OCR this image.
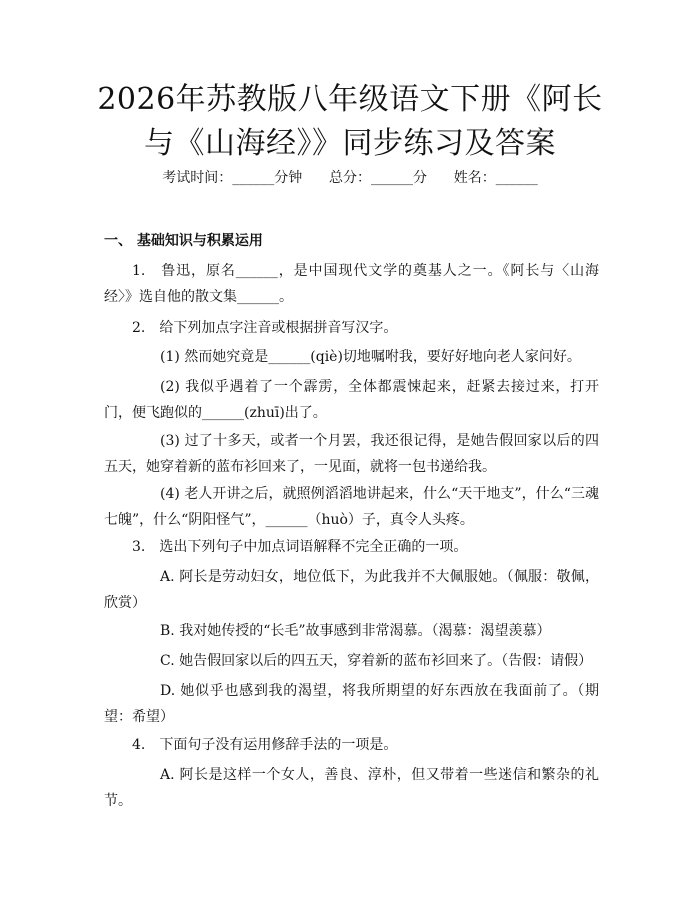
2026年苏教版八年级语文下册《阿长与《山海经》》同步练习及答案
考试时间：______分钟      总分：______分      姓名：______
一、 基础知识与积累运用

1.　鲁迅，原名______，是中国现代文学的奠基人之一。《阿长与〈山海经〉》选自他的散文集______。

2.　给下列加点字注音或根据拼音写汉字。

(1) 然而她究竟是______(qiè)切地嘱咐我，要好好地向老人家问好。

(2) 我似乎遇着了一个霹雳，全体都震悚起来，赶紧去接过来，打开门，便飞跑似的______(zhuī)出了。

(3) 过了十多天，或者一个月罢，我还很记得，是她告假回家以后的四五天，她穿着新的蓝布衫回来了，一见面，就将一包书递给我。

(4) 老人开讲之后，就照例滔滔地讲起来，什么“天干地支”，什么“三魂七魄”，什么“阴阳怪气”，______（huò）子，真令人头疼。

3.　选出下列句子中加点词语解释不完全正确的一项。

A. 阿长是劳动妇女，地位低下，为此我并不大佩服她。（佩服：敬佩，欣赏）

B. 我对她传授的“长毛”故事感到非常渴慕。（渴慕：渴望羡慕）

C. 她告假回家以后的四五天，穿着新的蓝布衫回来了。（告假：请假）

D. 她似乎也感到我的渴望，将我所期望的好东西放在我面前了。（期望：希望）

4.　下面句子没有运用修辞手法的一项是。

A. 阿长是这样一个女人，善良、淳朴，但又带着一些迷信和繁杂的礼节。
